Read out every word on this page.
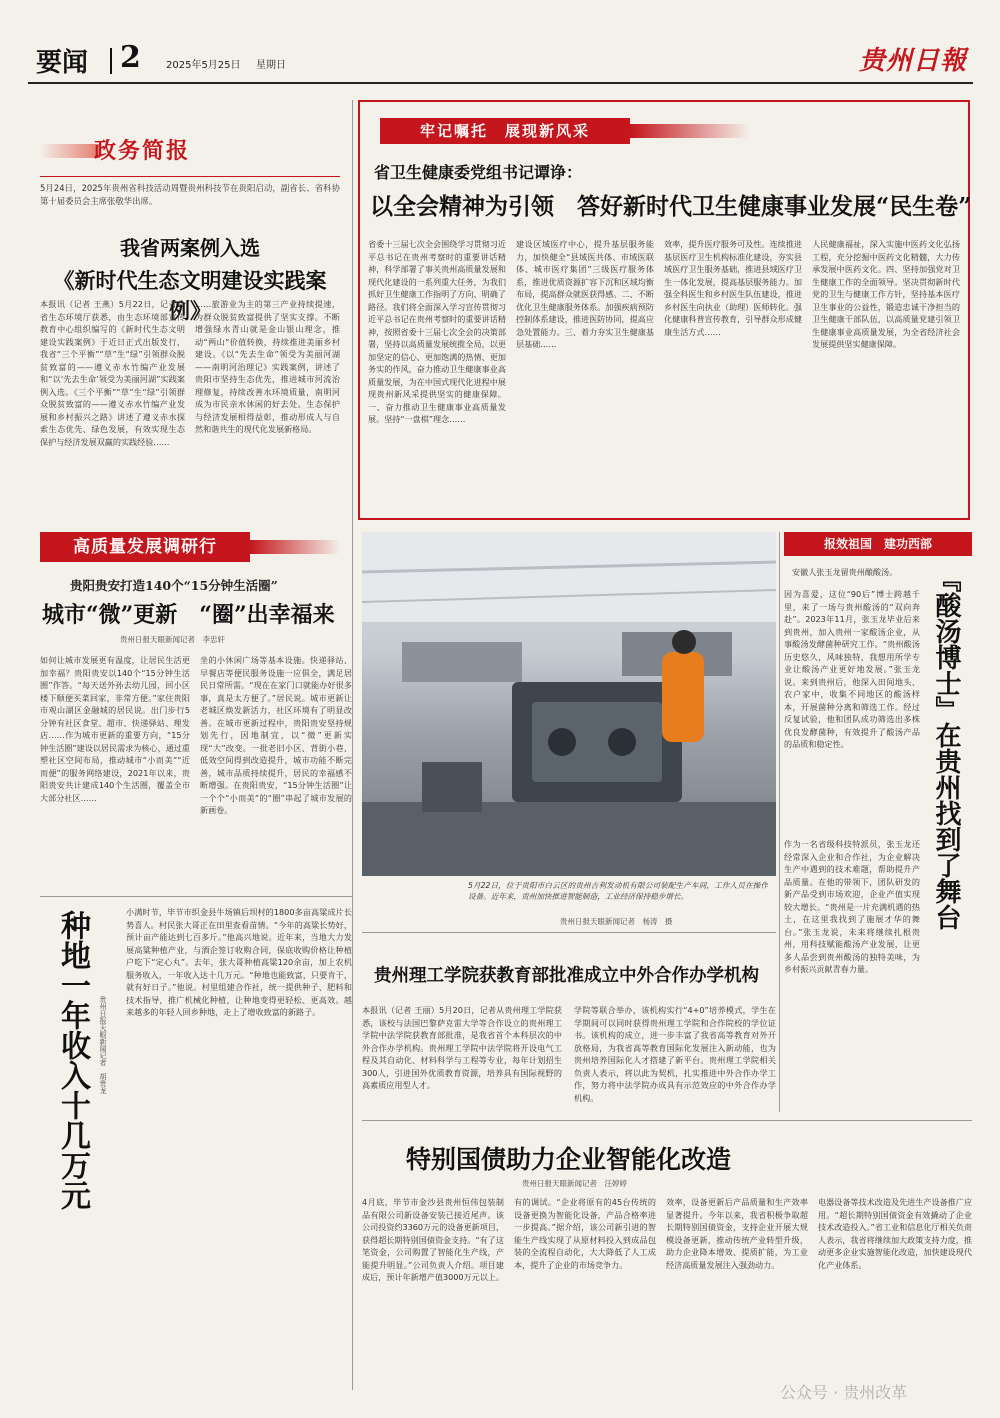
要闻 2	2025年5月25日 星期日	贵州日報
政务简报
5月24日，2025年贵州省科技活动周暨贵州科技节在贵阳启动，副省长、省科协第十届委员会主席张敬华出席。
我省两案例入选
《新时代生态文明建设实践案例》
本报讯（记者 王燕）5月22日，记者从省生态环境厅获悉，由生态环境部宣传教育中心组织编写的《新时代生态文明建设实践案例》于近日正式出版发行，我省“三个平衡”“草”生“绿”引领群众脱贫致富的——遵义赤水竹编产业发展和“以‘先去生命’领受为美丽河湖”实践案例入选。《三个平衡”“草”生“绿”引领群众脱贫致富的——遵义赤水竹编产业发展和乡村振兴之路》讲述了遵义赤水探索生态优先、绿色发展，有效实现生态保护与经济发展双赢的实践经验……
……旅游业为主的第三产业持续提速，为群众脱贫致富提供了坚实支撑。不断增强绿水青山就是金山银山理念，推动“两山”价值转换，持续推进美丽乡村建设。《以“先去生命”领受为美丽河湖——南明河治理记》实践案例，讲述了贵阳市坚持生态优先，推进城市河流治理修复，持续改善水环境质量，南明河成为市民亲水休闲的好去处。生态保护与经济发展相得益彰，推动形成人与自然和谐共生的现代化发展新格局。
牢记嘱托　展现新风采
省卫生健康委党组书记谭诤：
以全会精神为引领　答好新时代卫生健康事业发展“民生卷”
省委十三届七次全会围绕学习贯彻习近平总书记在贵州考察时的重要讲话精神，科学部署了事关贵州高质量发展和现代化建设的一系列重大任务，为我们抓好卫生健康工作指明了方向、明确了路径。我们将全面深入学习宣传贯彻习近平总书记在贵州考察时的重要讲话精神，按照省委十三届七次全会的决策部署，坚持以高质量发展统揽全局，以更加坚定的信心、更加饱满的热情、更加务实的作风，奋力推动卫生健康事业高质量发展，为在中国式现代化进程中展现贵州新风采提供坚实的健康保障。一、奋力推动卫生健康事业高质量发展。坚持“一盘棋”理念……
建设区域医疗中心，提升基层服务能力，加快健全“县域医共体、市域医联体、城市医疗集团”三级医疗服务体系，推进优质资源扩容下沉和区域均衡布局，提高群众就医获得感。二、不断优化卫生健康服务体系。加强疾病预防控制体系建设，推进医防协同，提高应急处置能力。三、着力夯实卫生健康基层基础……
效率，提升医疗服务可及性。连续推进基层医疗卫生机构标准化建设，夯实县域医疗卫生服务基础，推进县域医疗卫生一体化发展，提高基层服务能力。加强全科医生和乡村医生队伍建设，推进乡村医生向执业（助理）医师转化。强化健康科普宣传教育，引导群众形成健康生活方式……
人民健康福祉，深入实施中医药文化弘扬工程，充分挖掘中医药文化精髓，大力传承发展中医药文化。四、坚持加强党对卫生健康工作的全面领导。坚决贯彻新时代党的卫生与健康工作方针，坚持基本医疗卫生事业的公益性，锻造忠诚干净担当的卫生健康干部队伍，以高质量党建引领卫生健康事业高质量发展，为全省经济社会发展提供坚实健康保障。
高质量发展调研行
贵阳贵安打造140个“15分钟生活圈”
城市“微”更新　“圈”出幸福来
贵州日报天眼新闻记者　李忠轩
如何让城市发展更有温度，让居民生活更加幸福？贵阳贵安以140个“15分钟生活圈”作答。“每天送外孙去幼儿园，回小区楼下顺便买菜回家，非常方便。”家住贵阳市观山湖区金融城的居民说。出门步行5分钟有社区食堂、超市、快递驿站、理发店……作为城市更新的重要方向，“15分钟生活圈”建设以居民需求为核心，通过重塑社区空间布局，推动城市“小而美”“近而便”的服务网络建设，2021年以来，贵阳贵安共计建成140个生活圈，覆盖全市大部分社区……
坐的小休闲广场等基本设施。快递驿站、早餐店等便民服务设施一应俱全，满足居民日常所需。“现在在家门口就能办好很多事，真是太方便了。”居民说。城市更新让老城区焕发新活力，社区环境有了明显改善。在城市更新过程中，贵阳贵安坚持规划先行，因地制宜，以“微”更新实现“大”改变。一批老旧小区、背街小巷、低效空间得到改造提升，城市功能不断完善，城市品质持续提升，居民的幸福感不断增强。在贵阳贵安，“15分钟生活圈”让一个个“小而美”的“圈”串起了城市发展的新画卷。
5月22日，位于贵阳市白云区的贵州吉利发动机有限公司装配生产车间，工作人员在操作设备。近年来，贵州加快推进智能制造，工业经济保持稳步增长。
贵州日报天眼新闻记者　杨涛　摄
报效祖国　建功西部
安徽人张玉龙留贵州酿酸汤。
因为喜爱，这位“90后”博士跨越千里，来了一场与贵州酸汤的“双向奔赴”。2023年11月，张玉龙毕业后来到贵州，加入贵州一家酸汤企业，从事酸汤发酵菌种研究工作。“贵州酸汤历史悠久，风味独特，我想用所学专业让酸汤产业更好地发展。”张玉龙说。来到贵州后，他深入田间地头、农户家中，收集不同地区的酸汤样本，开展菌种分离和筛选工作。经过反复试验，他和团队成功筛选出多株优良发酵菌种，有效提升了酸汤产品的品质和稳定性。	『酸汤博士』在贵州找到了舞台
作为一名省级科技特派员，张玉龙还经常深入企业和合作社，为企业解决生产中遇到的技术难题，帮助提升产品质量。在他的带领下，团队研发的新产品受到市场欢迎，企业产值实现较大增长。“贵州是一片充满机遇的热土，在这里我找到了施展才华的舞台。”张玉龙说，未来将继续扎根贵州，用科技赋能酸汤产业发展，让更多人品尝到贵州酸汤的独特美味，为乡村振兴贡献青春力量。
贵州理工学院获教育部批准成立中外合作办学机构
本报讯（记者 王丽）5月20日，记者从贵州理工学院获悉，该校与法国巴黎萨克雷大学等合作设立的贵州理工学院中法学院获教育部批准，是我省首个本科层次的中外合作办学机构。贵州理工学院中法学院将开设电气工程及其自动化、材料科学与工程等专业，每年计划招生300人，引进国外优质教育资源，培养具有国际视野的高素质应用型人才。
学院等联合举办，该机构实行“4+0”培养模式，学生在学期间可以同时获得贵州理工学院和合作院校的学位证书。该机构的成立，进一步丰富了我省高等教育对外开放格局，为我省高等教育国际化发展注入新动能，也为贵州培养国际化人才搭建了新平台。贵州理工学院相关负责人表示，将以此为契机，扎实推进中外合作办学工作，努力将中法学院办成具有示范效应的中外合作办学机构。
种地一年收入十几万元	贵州日报天眼新闻记者　胡贵龙
小满时节，毕节市织金县牛场镇后坝村的1800多亩高粱成片长势喜人。村民张大哥正在田里查看苗情。“今年的高粱长势好，预计亩产能达到七百多斤。”他高兴地说。近年来，当地大力发展高粱种植产业，与酒企签订收购合同，保底收购价格让种植户吃下“定心丸”。去年，张大哥种植高粱120余亩，加上农机服务收入，一年收入达十几万元。“种地也能致富，只要肯干，就有好日子。”他说。村里组建合作社，统一提供种子、肥料和技术指导，推广机械化种植，让种地变得更轻松、更高效。越来越多的年轻人回乡种地，走上了增收致富的新路子。
特别国债助力企业智能化改造
贵州日报天眼新闻记者　汪婷婷
4月底，毕节市金沙县贵州恒伟包装制品有限公司新设备安装已接近尾声。该公司投资约3360万元的设备更新项目，获得超长期特别国债资金支持。“有了这笔资金，公司购置了智能化生产线，产能提升明显。”公司负责人介绍。项目建成后，预计年新增产值3000万元以上。
有的调试。“企业将原有的45台传统的设备更换为智能化设备，产品合格率进一步提高。”据介绍，该公司新引进的智能生产线实现了从原材料投入到成品包装的全流程自动化，大大降低了人工成本，提升了企业的市场竞争力。
效率，设备更新后产品质量和生产效率显著提升。今年以来，我省积极争取超长期特别国债资金，支持企业开展大规模设备更新，推动传统产业转型升级，助力企业降本增效、提质扩能，为工业经济高质量发展注入强劲动力。
电器设备等技术改造及先进生产设备推广应用。“超长期特别国债资金有效撬动了企业技术改造投入。”省工业和信息化厅相关负责人表示，我省将继续加大政策支持力度，推动更多企业实施智能化改造，加快建设现代化产业体系。
公众号 · 贵州改革
